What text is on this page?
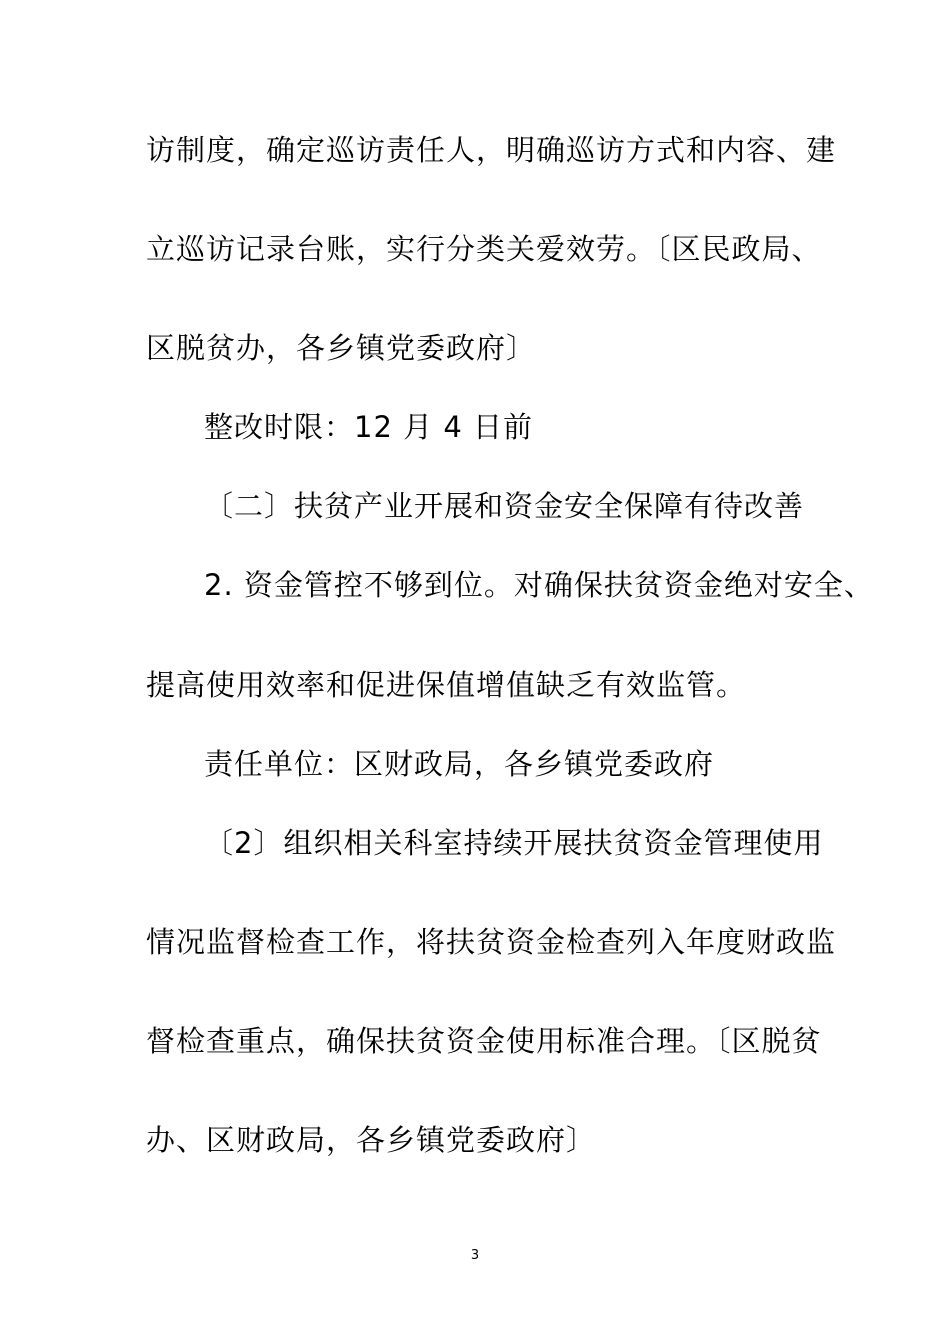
访制度，确定巡访责任人，明确巡访方式和内容、建
立巡访记录台账，实行分类关爱效劳。〔区民政局、
区脱贫办，各乡镇党委政府〕
整改时限：12 月 4 日前
〔二〕扶贫产业开展和资金安全保障有待改善
2. 资金管控不够到位。对确保扶贫资金绝对安全、
提高使用效率和促进保值增值缺乏有效监管。
责任单位：区财政局，各乡镇党委政府
〔2〕组织相关科室持续开展扶贫资金管理使用
情况监督检查工作，将扶贫资金检查列入年度财政监
督检查重点，确保扶贫资金使用标准合理。〔区脱贫
办、区财政局，各乡镇党委政府〕
3
